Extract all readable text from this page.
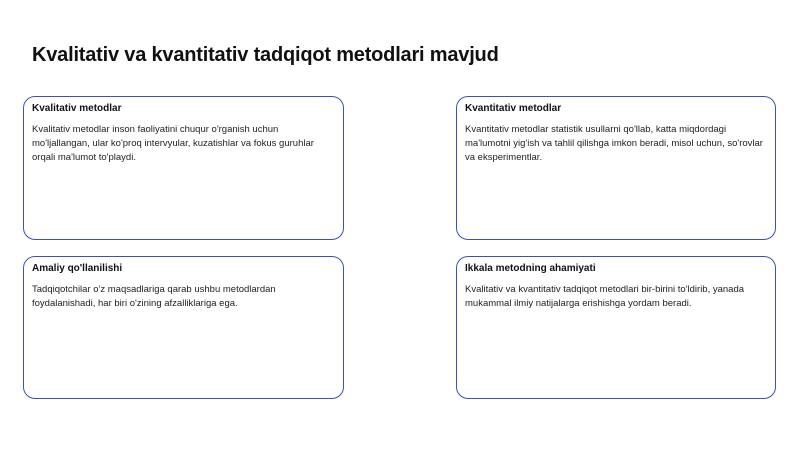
Kvalitativ va kvantitativ tadqiqot metodlari mavjud
Kvalitativ metodlar

Kvalitativ metodlar inson faoliyatini chuqur o'rganish uchun mo'ljallangan, ular ko'proq intervyular, kuzatishlar va fokus guruhlar orqali ma'lumot to'playdi.

Kvantitativ metodlar

Kvantitativ metodlar statistik usullarni qo'llab, katta miqdordagi ma'lumotni yig'ish va tahlil qilishga imkon beradi, misol uchun, so'rovlar va eksperimentlar.

Amaliy qo'llanilishi

Tadqiqotchilar o'z maqsadlariga qarab ushbu metodlardan foydalanishadi, har biri o'zining afzalliklariga ega.

Ikkala metodning ahamiyati

Kvalitativ va kvantitativ tadqiqot metodlari bir-birini to'ldirib, yanada mukammal ilmiy natijalarga erishishga yordam beradi.
